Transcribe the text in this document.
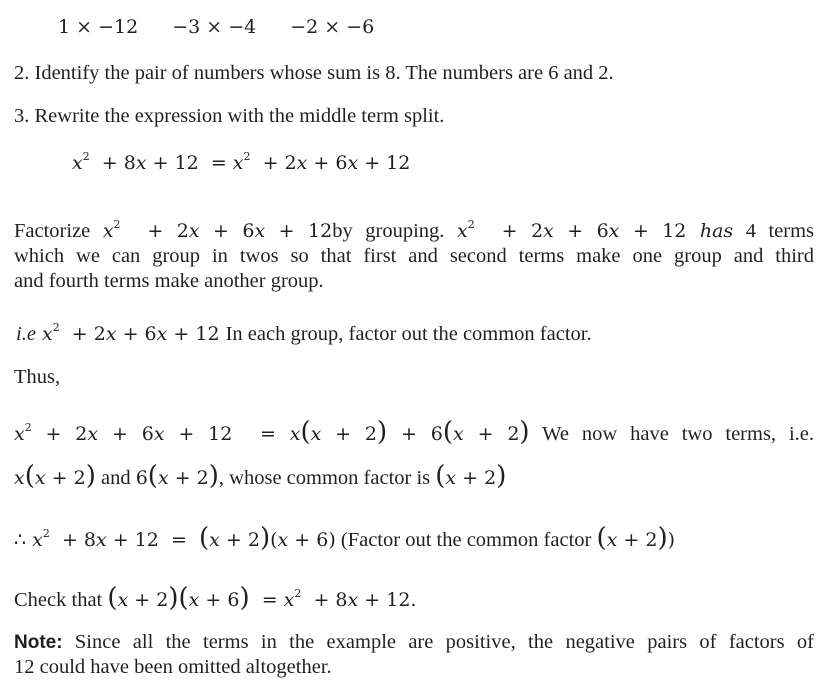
1 × −12 −3 × −4 −2 × −6
2. Identify the pair of numbers whose sum is 8. The numbers are 6 and 2.
3. Rewrite the expression with the middle term split.
$x^2 + 8x + 12 = x^2 + 2x + 6x + 12$
Factorize $x^2 + 2x + 6x + 12by$ grouping. $x^2 + 2x + 6x + 12$ has 4 terms
which we can group in twos so that first and second terms make one group and third
and fourth terms make another group.
i.e $x^2 + 2x + 6x + 12$ In each group, factor out the common factor.
Thus,
$x^2 + 2x + 6x + 12 = x(x + 2) + 6(x + 2)$ We now have two terms, i.e.
x(x + 2) and 6(x + 2), whose common factor is (x + 2)
∴ $x^2 + 8x + 12 = (x + 2)(x + 6)$ (Factor out the common factor (x + 2))
Check that $(x + 2)(x + 6) = x^2 + 8x + 12$.
Note: Since all the terms in the example are positive, the negative pairs of factors of
12 could have been omitted altogether.
